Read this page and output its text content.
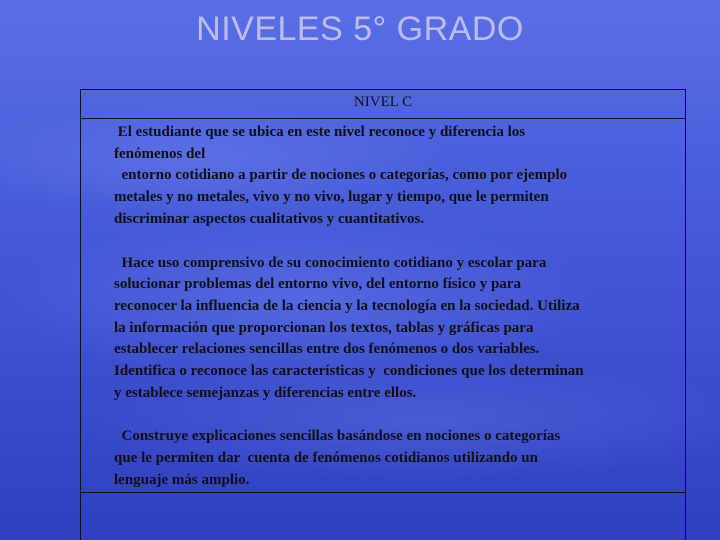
NIVELES 5° GRADO
NIVEL C

El estudiante que se ubica en este nivel reconoce y diferencia los

fenómenos del

entorno cotidiano a partir de nociones o categorías, como por ejemplo

metales y no metales, vivo y no vivo, lugar y tiempo, que le permiten

discriminar aspectos cualitativos y cuantitativos.

Hace uso comprensivo de su conocimiento cotidiano y escolar para

solucionar problemas del entorno vivo, del entorno físico y para

reconocer la influencia de la ciencia y la tecnología en la sociedad. Utiliza

la información que proporcionan los textos, tablas y gráficas para

establecer relaciones sencillas entre dos fenómenos o dos variables.

Identifica o reconoce las características y  condiciones que los determinan

y establece semejanzas y diferencias entre ellos.

Construye explicaciones sencillas basándose en nociones o categorías

que le permiten dar  cuenta de fenómenos cotidianos utilizando un

lenguaje más amplio.
